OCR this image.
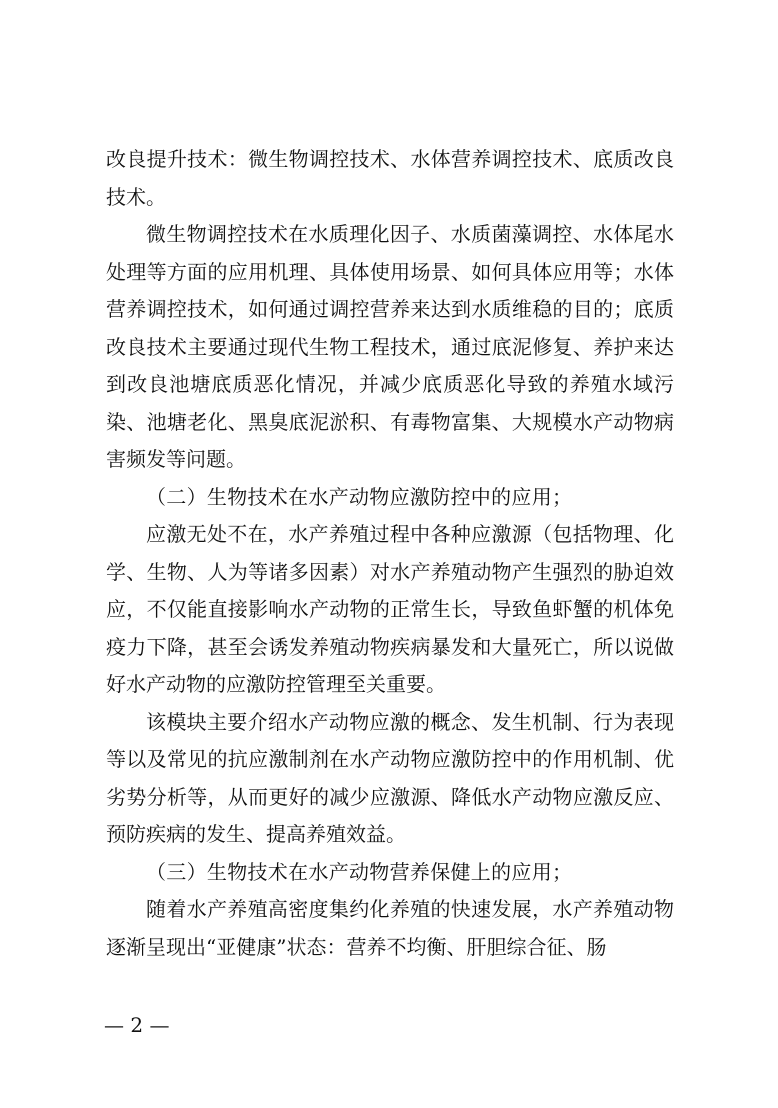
改良提升技术：微生物调控技术、水体营养调控技术、底质改良技术。

微生物调控技术在水质理化因子、水质菌藻调控、水体尾水处理等方面的应用机理、具体使用场景、如何具体应用等；水体营养调控技术，如何通过调控营养来达到水质维稳的目的；底质改良技术主要通过现代生物工程技术，通过底泥修复、养护来达到改良池塘底质恶化情况，并减少底质恶化导致的养殖水域污染、池塘老化、黑臭底泥淤积、有毒物富集、大规模水产动物病害频发等问题。

（二）生物技术在水产动物应激防控中的应用；

应激无处不在，水产养殖过程中各种应激源（包括物理、化学、生物、人为等诸多因素）对水产养殖动物产生强烈的胁迫效应，不仅能直接影响水产动物的正常生长，导致鱼虾蟹的机体免疫力下降，甚至会诱发养殖动物疾病暴发和大量死亡，所以说做好水产动物的应激防控管理至关重要。

该模块主要介绍水产动物应激的概念、发生机制、行为表现等以及常见的抗应激制剂在水产动物应激防控中的作用机制、优劣势分析等，从而更好的减少应激源、降低水产动物应激反应、预防疾病的发生、提高养殖效益。

（三）生物技术在水产动物营养保健上的应用；

随着水产养殖高密度集约化养殖的快速发展，水产养殖动物逐渐呈现出“亚健康”状态：营养不均衡、肝胆综合征、肠

— 2 —
